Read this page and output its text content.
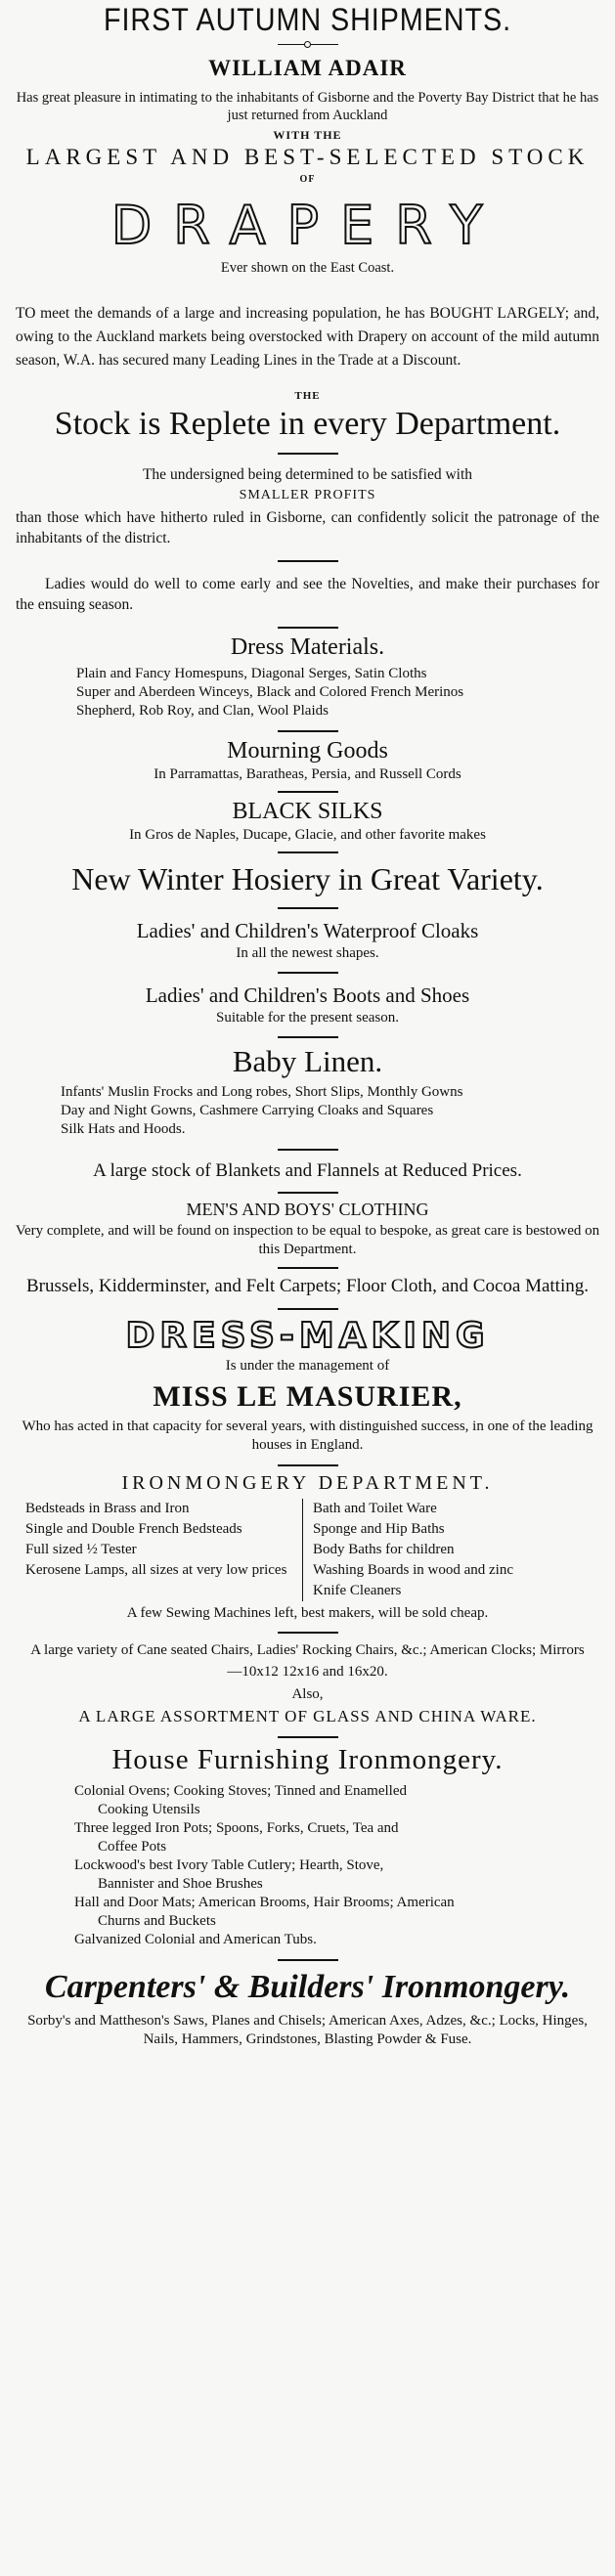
FIRST AUTUMN SHIPMENTS.
WILLIAM ADAIR
Has great pleasure in intimating to the inhabitants of Gisborne and the Poverty Bay District that he has just returned from Auckland
WITH THE
LARGEST AND BEST-SELECTED STOCK
OF
DRAPERY
Ever shown on the East Coast.
TO meet the demands of a large and increasing population, he has BOUGHT LARGELY; and, owing to the Auckland markets being overstocked with Drapery on account of the mild autumn season, W.A. has secured many Leading Lines in the Trade at a Discount.
THE
Stock is Replete in every Department.
The undersigned being determined to be satisfied with
SMALLER PROFITS
than those which have hitherto ruled in Gisborne, can confidently solicit the patronage of the inhabitants of the district.
Ladies would do well to come early and see the Novelties, and make their purchases for the ensuing season.
Dress Materials.
Plain and Fancy Homespuns, Diagonal Serges, Satin Cloths
Super and Aberdeen Winceys, Black and Colored French Merinos
Shepherd, Rob Roy, and Clan, Wool Plaids
Mourning Goods
In Parramattas, Baratheas, Persia, and Russell Cords
BLACK SILKS
In Gros de Naples, Ducape, Glacie, and other favorite makes
New Winter Hosiery in Great Variety.
Ladies' and Children's Waterproof Cloaks
In all the newest shapes.
Ladies' and Children's Boots and Shoes
Suitable for the present season.
Baby Linen.
Infants' Muslin Frocks and Long robes, Short Slips, Monthly Gowns
Day and Night Gowns, Cashmere Carrying Cloaks and Squares
Silk Hats and Hoods.
A large stock of Blankets and Flannels at Reduced Prices.
MEN'S AND BOYS' CLOTHING
Very complete, and will be found on inspection to be equal to bespoke, as great care is bestowed on this Department.
Brussels, Kidderminster, and Felt Carpets; Floor Cloth, and Cocoa Matting.
DRESS-MAKING
Is under the management of
MISS LE MASURIER,
Who has acted in that capacity for several years, with distinguished success, in one of the leading houses in England.
IRONMONGERY DEPARTMENT.
Bedsteads in Brass and Iron
Single and Double French Bedsteads
Full sized ½ Tester
Kerosene Lamps, all sizes at very low prices
Bath and Toilet Ware
Sponge and Hip Baths
Body Baths for children
Washing Boards in wood and zinc
Knife Cleaners
A few Sewing Machines left, best makers, will be sold cheap.
A large variety of Cane seated Chairs, Ladies' Rocking Chairs, &c.; American Clocks; Mirrors—10x12 12x16 and 16x20.
Also,
A LARGE ASSORTMENT OF GLASS AND CHINA WARE.
House Furnishing Ironmongery.
Colonial Ovens; Cooking Stoves; Tinned and Enamelled
Cooking Utensils
Three legged Iron Pots; Spoons, Forks, Cruets, Tea and
Coffee Pots
Lockwood's best Ivory Table Cutlery; Hearth, Stove,
Bannister and Shoe Brushes
Hall and Door Mats; American Brooms, Hair Brooms; American
Churns and Buckets
Galvanized Colonial and American Tubs.
Carpenters' & Builders' Ironmongery.
Sorby's and Mattheson's Saws, Planes and Chisels; American Axes, Adzes, &c.; Locks, Hinges, Nails, Hammers, Grindstones, Blasting Powder & Fuse.
